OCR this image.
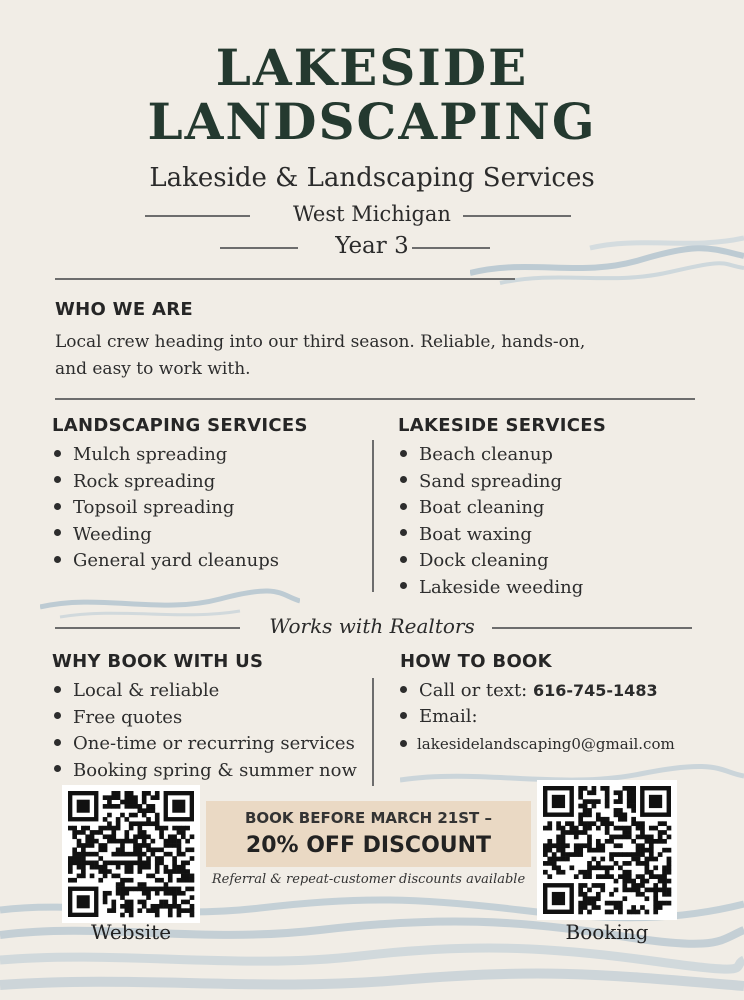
LAKESIDE
LANDSCAPING
Lakeside & Landscaping Services
West Michigan
Year 3
WHO WE ARE
Local crew heading into our third season. Reliable, hands-on,
and easy to work with.
LANDSCAPING SERVICES
Mulch spreading
Rock spreading
Topsoil spreading
Weeding
General yard cleanups
LAKESIDE SERVICES
Beach cleanup
Sand spreading
Boat cleaning
Boat waxing
Dock cleaning
Lakeside weeding
Works with Realtors
WHY BOOK WITH US
Local & reliable
Free quotes
One-time or recurring services
Booking spring & summer now
HOW TO BOOK
Call or text: 616-745-1483
Email:
lakesidelandscaping0@gmail.com
Website	Booking
BOOK BEFORE MARCH 21ST –
20% OFF DISCOUNT
Referral & repeat-customer discounts available
